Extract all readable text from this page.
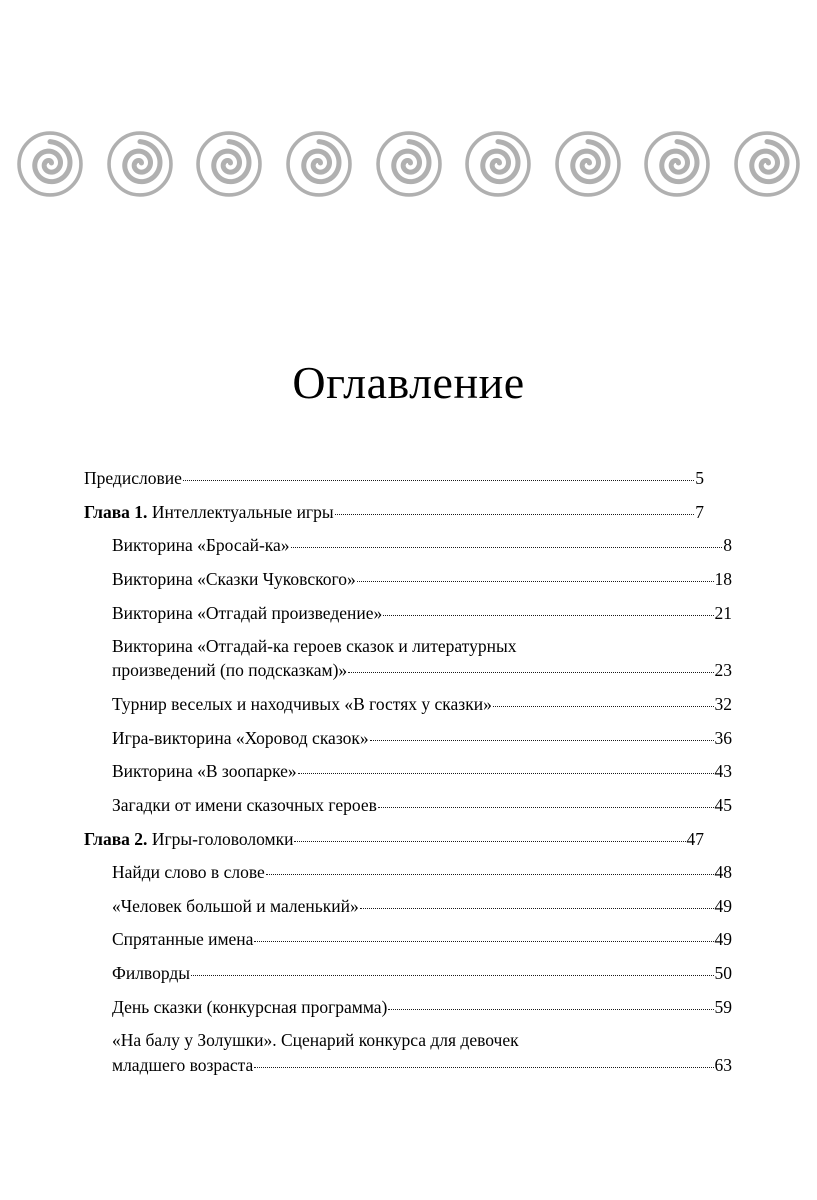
Оглавление
Предисловие	5
Глава 1. Интеллектуальные игры	7
Викторина «Бросай-ка»	8
Викторина «Сказки Чуковского»	18
Викторина «Отгадай произведение»	21
Викторина «Отгадай-ка героев сказок и литературных
произведений (по подсказкам)»	23
Турнир веселых и находчивых «В гостях у сказки»	32
Игра-викторина «Хоровод сказок»	36
Викторина «В зоопарке»	43
Загадки от имени сказочных героев	45
Глава 2. Игры-головоломки	47
Найди слово в слове	48
«Человек большой и маленький»	49
Спрятанные имена	49
Филворды	50
День сказки (конкурсная программа)	59
«На балу у Золушки». Сценарий конкурса для девочек
младшего возраста	63
